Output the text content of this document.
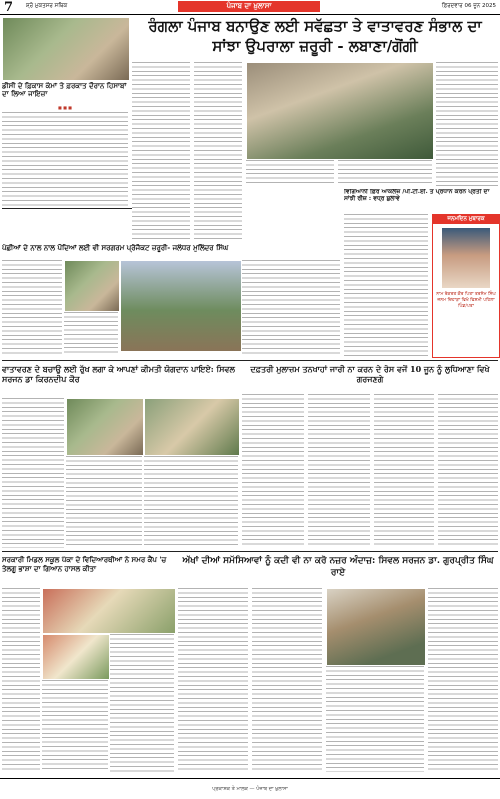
7 ਸ਼੍ਰੋ ਮੁਕਤਸਰ ਸਥਿਕ	ਪੰਜਾਬ ਦਾ ਖ਼ੁਲਾਸਾ	ਫ਼ਿਰਦਵਾਰ 06 ਜੂਨ 2025
ਡੀਸੀ ਦੇ ਫ਼ਿਕਾਸ ਕੰਮਾਂ ਤੇ ਫ਼ਰਕਾਤ ਦੌਰਾਨ ਹਿਸਾਬਾਂ ਦਾ ਲਿਆ ਜਾਇਜ਼ਾ
■ ■ ■
ਰੰਗਲਾ ਪੰਜਾਬ ਬਨਾਉਣ ਲਈ ਸਵੱਛਤਾ ਤੇ ਵਾਤਾਵਰਣ ਸੰਭਾਲ ਦਾ ਸਾਂਝਾ ਉਪਰਾਲਾ ਜ਼ਰੂਰੀ - ਲਬਾਣਾ/ਗੋਂਗੀ
ਪੰਛੀਆਂ ਦੇ ਨਾਲ ਨਾਲ ਪੌਦਿਆਂ ਲਈ ਵੀ ਸਰਗਰਮ ਪ੍ਰੋਜੈਕਟ ਜ਼ਰੂਰੀ- ਜਲੰਧਰ ਮੁਲਿੰਦਰ ਸਿੰਘ
ਵਿਗਿਆਨੀ ਫ਼ਿਰ ਆਕਲੈਂਜ਼ /ਪੀ.ਟੀ.ਈ. ਤੇ ਪ੍ਰਧਾਨ ਕਰਨ ਪ੍ਰਤੀ ਦਾ ਸਾਂਝੀ ਰੀਜ਼ : ਵਧ੍ਰ ਬੁਲਾਵੇ
ਜਨਮਦਿਨ ਮੁਬਾਰਕ
ਨਾਮ ਰੇਕਰਤ ਕੌਰ ਪਿਤਾ ਤਰਸੇਮ ਸਿੰਘ ਜਨਮ ਦਿਹਾੜਾ ਵਿਖੇ ਵਿਸ਼ਮੀ ਪਹਿਲਾ ਪਿੰਡ/ਪਤਾ
ਵਾਤਾਵਰਣ ਦੇ ਬਚਾਉ ਲਈ ਰੁੱਖ ਲਗਾ ਕੇ ਆਪਣਾਂ ਕੀਮਤੀ ਯੋਗਦਾਨ ਪਾਇਏ: ਸਿਵਲ ਸਰਜਨ ਡਾ ਕਿਰਨਦੀਪ ਕੌਰ
ਦਫ਼ਤਰੀ ਮੁਲਾਜ਼ਮ ਤਨਖਾਹਾਂ ਜਾਰੀ ਨਾ ਕਰਨ ਦੇ ਰੋਸ ਵਜੋਂ 10 ਜੂਨ ਨੂੰ ਲੁਧਿਆਣਾ ਵਿਖੇ ਗਰਜਣਗੇ
ਸਰਕਾਰੀ ਮਿਡਲ ਸਕੂਲ ਪੱਕਾ ਦੇ ਵਿਦਿਆਰਥੀਆਂ ਨੇ ਸਮਰ ਕੈਂਪ 'ਚ ਤੇਲਗੂ ਭਾਸ਼ਾ ਦਾ ਗਿਆਨ ਹਾਸਲ ਕੀਤਾ
ਅੱਖਾਂ ਦੀਆਂ ਸਮੱਸਿਆਵਾਂ ਨੂੰ ਕਦੀ ਵੀ ਨਾ ਕਰੋ ਨਜ਼ਰ ਅੰਦਾਜ਼: ਸਿਵਲ ਸਰਜਨ ਡਾ. ਗੁਰਪ੍ਰੀਤ ਸਿੰਘ ਰਾਏ
ਪ੍ਰਕਾਸ਼ਕ ਤੇ ਮਾਲਕ — ਪੰਜਾਬ ਦਾ ਖ਼ੁਲਾਸਾ
